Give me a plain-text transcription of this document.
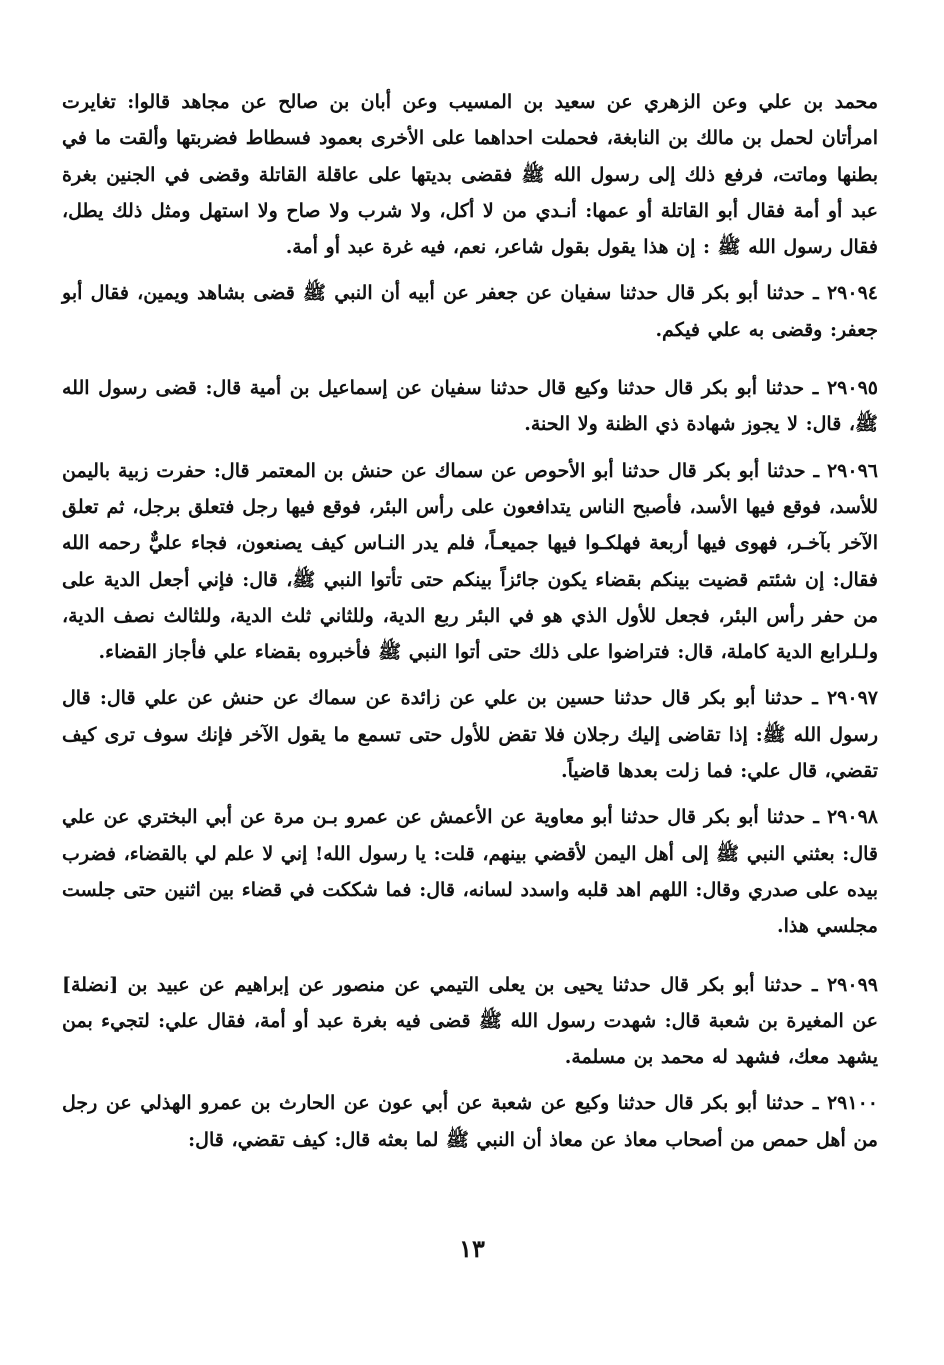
محمد بن علي وعن الزهري عن سعيد بن المسيب وعن أبان بن صالح عن مجاهد قالوا: تغايرت امرأتان لحمل بن مالك بن النابغة، فحملت احداهما على الأخرى بعمود فسطاط فضربتها وألقت ما في بطنها وماتت، فرفع ذلك إلى رسول الله ﷺ فقضى بديتها على عاقلة القاتلة وقضى في الجنين بغرة عبد أو أمة فقال أبو القاتلة أو عمها: أنـدي من لا أكل، ولا شرب ولا صاح ولا استهل ومثل ذلك يطل، فقال رسول الله ﷺ : إن هذا يقول بقول شاعر، نعم، فيه غرة عبد أو أمة.

٢٩٠٩٤ ـ حدثنا أبو بكر قال حدثنا سفيان عن جعفر عن أبيه أن النبي ﷺ قضى بشاهد ويمين، فقال أبو جعفر: وقضى به علي فيكم.

٢٩٠٩٥ ـ حدثنا أبو بكر قال حدثنا وكيع قال حدثنا سفيان عن إسماعيل بن أمية قال: قضى رسول الله ﷺ، قال: لا يجوز شهادة ذي الظنة ولا الحنة.

٢٩٠٩٦ ـ حدثنا أبو بكر قال حدثنا أبو الأحوص عن سماك عن حنش بن المعتمر قال: حفرت زبية باليمن للأسد، فوقع فيها الأسد، فأصبح الناس يتدافعون على رأس البئر، فوقع فيها رجل فتعلق برجل، ثم تعلق الآخر بآخـر، فهوى فيها أربعة فهلكـوا فيها جميعـاً، فلم يدر النـاس كيف يصنعون، فجاء عليٌّ رحمه الله فقال: إن شئتم قضيت بينكم بقضاء يكون جائزاً بينكم حتى تأتوا النبي ﷺ، قال: فإني أجعل الدية على من حفر رأس البئر، فجعل للأول الذي هو في البئر ربع الدية، وللثاني ثلث الدية، وللثالث نصف الدية، ولـلرابع الدية كاملة، قال: فتراضوا على ذلك حتى أتوا النبي ﷺ فأخبروه بقضاء علي فأجاز القضاء.

٢٩٠٩٧ ـ حدثنا أبو بكر قال حدثنا حسين بن علي عن زائدة عن سماك عن حنش عن علي قال: قال رسول الله ﷺ: إذا تقاضى إليك رجلان فلا تقض للأول حتى تسمع ما يقول الآخر فإنك سوف ترى كيف تقضي، قال علي: فما زلت بعدها قاضياً.

٢٩٠٩٨ ـ حدثنا أبو بكر قال حدثنا أبو معاوية عن الأعمش عن عمرو بـن مرة عن أبي البختري عن علي قال: بعثني النبي ﷺ إلى أهل اليمن لأقضي بينهم، قلت: يا رسول الله! إني لا علم لي بالقضاء، فضرب بيده على صدري وقال: اللهم اهد قلبه واسدد لسانه، قال: فما شككت في قضاء بين اثنين حتى جلست مجلسي هذا.

٢٩٠٩٩ ـ حدثنا أبو بكر قال حدثنا يحيى بن يعلى التيمي عن منصور عن إبراهيم عن عبيد بن [نضلة] عن المغيرة بن شعبة قال: شهدت رسول الله ﷺ قضى فيه بغرة عبد أو أمة، فقال علي: لتجيء بمن يشهد معك، فشهد له محمد بن مسلمة.

٢٩١٠٠ ـ حدثنا أبو بكر قال حدثنا وكيع عن شعبة عن أبي عون عن الحارث بن عمرو الهذلي عن رجل من أهل حمص من أصحاب معاذ عن معاذ أن النبي ﷺ لما بعثه قال: كيف تقضي، قال:

١٣
